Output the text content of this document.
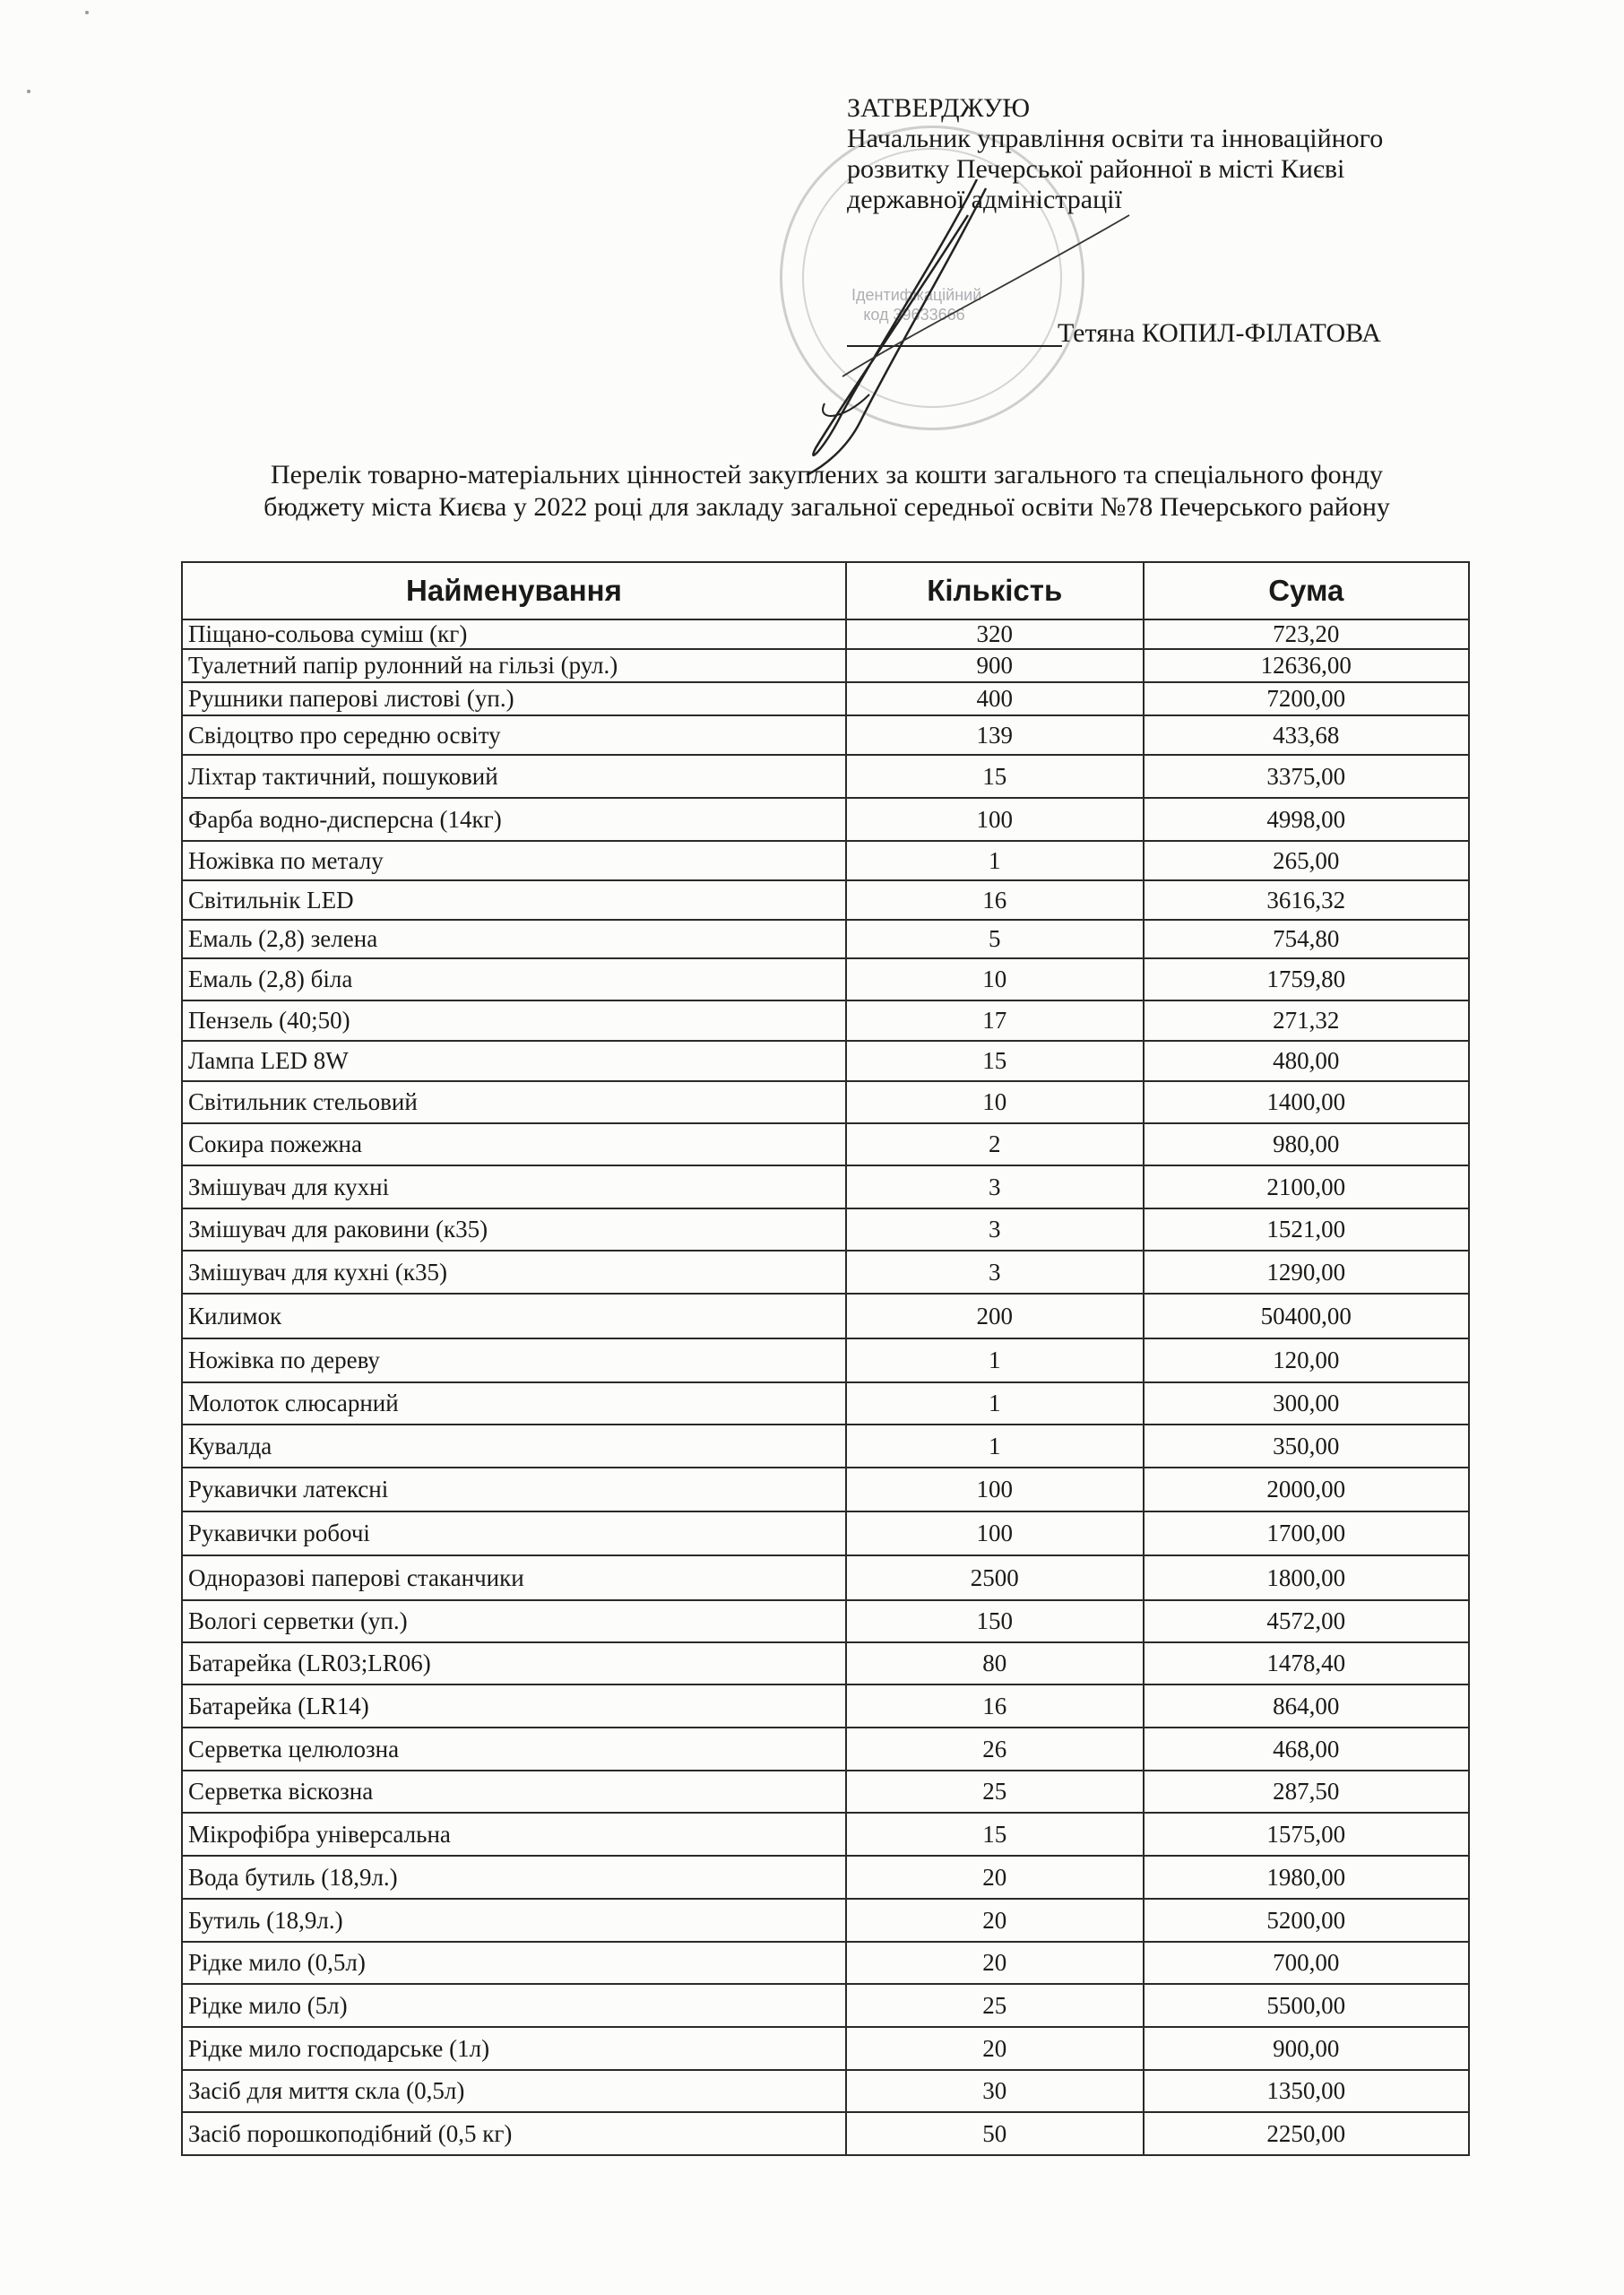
Ідентифікаційний
код 39633666
ЗАТВЕРДЖУЮ
Начальник управління освіти та інноваційного
розвитку Печерської районної в місті Києві
державної адміністрації
Тетяна КОПИЛ-ФІЛАТОВА
Перелік товарно-матеріальних цінностей закуплених за кошти загального та спеціального фонду
бюджету міста Києва у 2022 році для закладу загальної середньої освіти №78 Печерського району
Найменування	Кількість	Сума
Піщано-сольова суміш (кг)	320	723,20
Туалетний папір рулонний на гільзі (рул.)	900	12636,00
Рушники паперові листові (уп.)	400	7200,00
Свідоцтво про середню освіту	139	433,68
Ліхтар тактичний, пошуковий	15	3375,00
Фарба водно-дисперсна (14кг)	100	4998,00
Ножівка по металу	1	265,00
Світильнік LED	16	3616,32
Емаль (2,8) зелена	5	754,80
Емаль (2,8) біла	10	1759,80
Пензель (40;50)	17	271,32
Лампа LED 8W	15	480,00
Світильник стельовий	10	1400,00
Сокира пожежна	2	980,00
Змішувач для кухні	3	2100,00
Змішувач для раковини (к35)	3	1521,00
Змішувач для кухні (к35)	3	1290,00
Килимок	200	50400,00
Ножівка по дереву	1	120,00
Молоток слюсарний	1	300,00
Кувалда	1	350,00
Рукавички латексні	100	2000,00
Рукавички робочі	100	1700,00
Одноразові паперові стаканчики	2500	1800,00
Вологі серветки (уп.)	150	4572,00
Батарейка (LR03;LR06)	80	1478,40
Батарейка (LR14)	16	864,00
Серветка целюлозна	26	468,00
Серветка віскозна	25	287,50
Мікрофібра універсальна	15	1575,00
Вода бутиль (18,9л.)	20	1980,00
Бутиль (18,9л.)	20	5200,00
Рідке мило (0,5л)	20	700,00
Рідке мило (5л)	25	5500,00
Рідке мило господарське (1л)	20	900,00
Засіб для миття скла (0,5л)	30	1350,00
Засіб порошкоподібний (0,5 кг)	50	2250,00
